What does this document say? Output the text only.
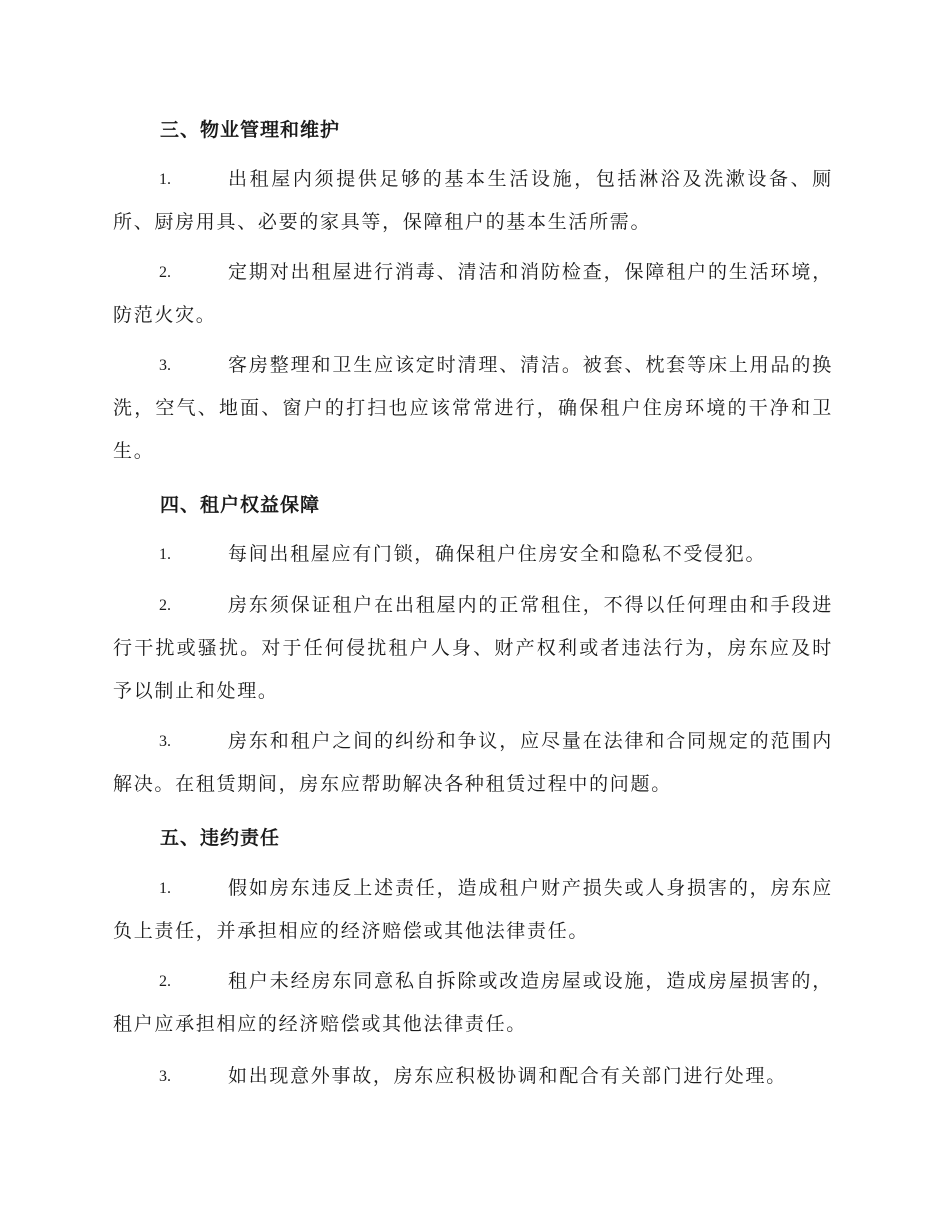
三、物业管理和维护
1.	出租屋内须提供足够的基本生活设施，包括淋浴及洗漱设备、厕所、厨房用具、必要的家具等，保障租户的基本生活所需。
2.	定期对出租屋进行消毒、清洁和消防检查，保障租户的生活环境，防范火灾。
3.	客房整理和卫生应该定时清理、清洁。被套、枕套等床上用品的换洗，空气、地面、窗户的打扫也应该常常进行，确保租户住房环境的干净和卫生。
四、租户权益保障
1.	每间出租屋应有门锁，确保租户住房安全和隐私不受侵犯。
2.	房东须保证租户在出租屋内的正常租住，不得以任何理由和手段进行干扰或骚扰。对于任何侵扰租户人身、财产权利或者违法行为，房东应及时予以制止和处理。
3.	房东和租户之间的纠纷和争议，应尽量在法律和合同规定的范围内解决。在租赁期间，房东应帮助解决各种租赁过程中的问题。
五、违约责任
1.	假如房东违反上述责任，造成租户财产损失或人身损害的，房东应负上责任，并承担相应的经济赔偿或其他法律责任。
2.	租户未经房东同意私自拆除或改造房屋或设施，造成房屋损害的，租户应承担相应的经济赔偿或其他法律责任。
3.	如出现意外事故，房东应积极协调和配合有关部门进行处理。
